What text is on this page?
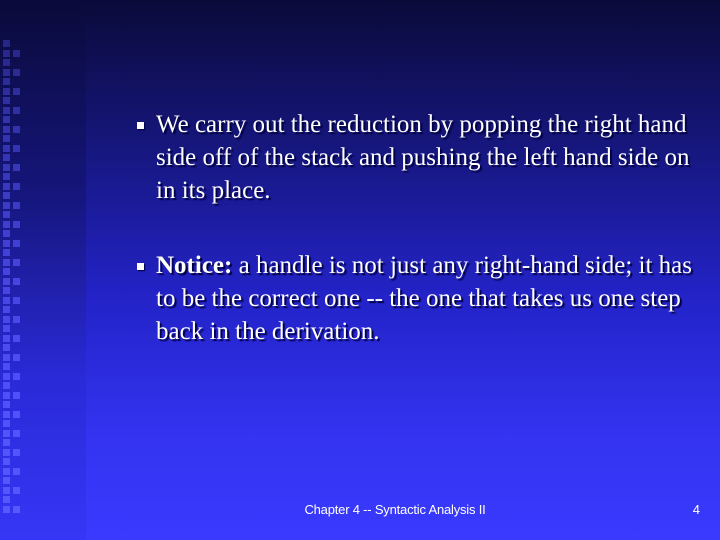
We carry out the reduction by popping the right hand side off of the stack and pushing the left hand side on in its place.
Notice: a handle is not just any right-hand side; it has to be the correct one -- the one that takes us one step back in the derivation.
Chapter 4 -- Syntactic Analysis II	4
